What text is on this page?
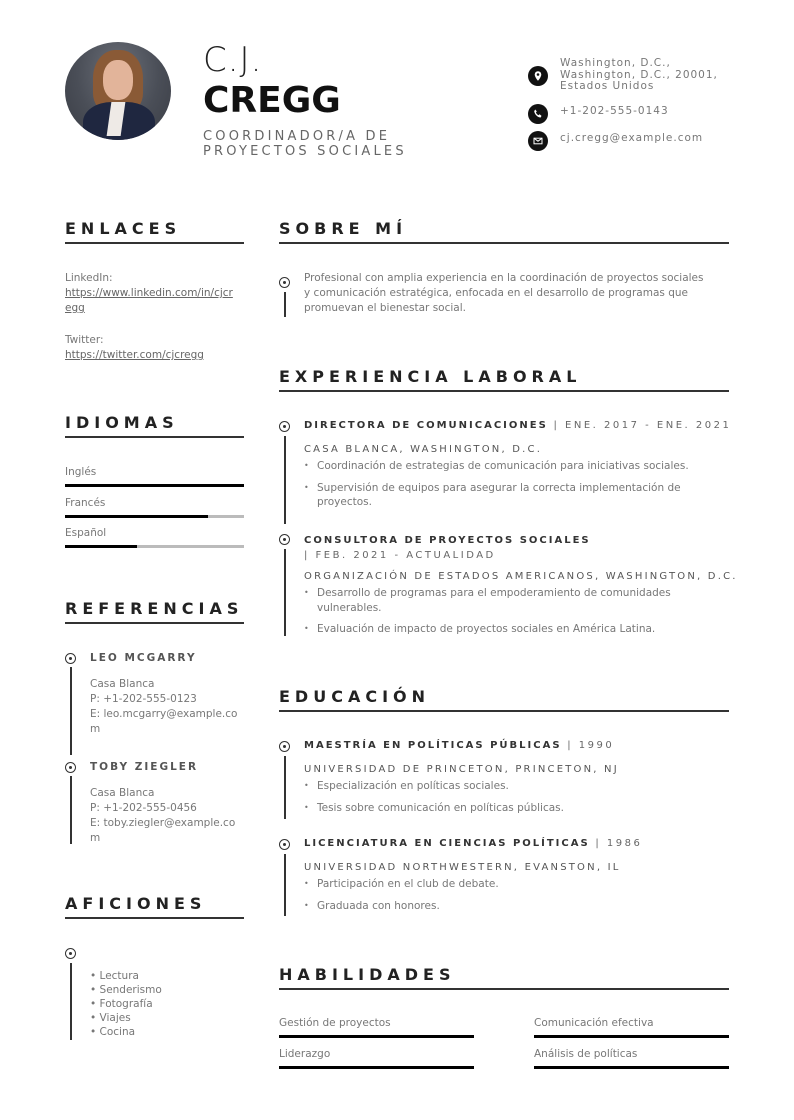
C.J.
CREGG
COORDINADOR/A DE
PROYECTOS SOCIALES
Washington, D.C.,
Washington, D.C., 20001,
Estados Unidos
+1-202-555-0143
cj.cregg@example.com
ENLACES
LinkedIn:
https://www.linkedin.com/in/cjcr
egg
Twitter:
https://twitter.com/cjcregg
IDIOMAS
Inglés
Francés
Español
REFERENCIAS
LEO MCGARRY
Casa Blanca
P: +1-202-555-0123
E: leo.mcgarry@example.co
m
TOBY ZIEGLER
Casa Blanca
P: +1-202-555-0456
E: toby.ziegler@example.co
m
AFICIONES
• Lectura
• Senderismo
• Fotografía
• Viajes
• Cocina
SOBRE MÍ
Profesional con amplia experiencia en la coordinación de proyectos sociales
y comunicación estratégica, enfocada en el desarrollo de programas que
promuevan el bienestar social.
EXPERIENCIA LABORAL
DIRECTORA DE COMUNICACIONES | ENE. 2017 - ENE. 2021
CASA BLANCA, WASHINGTON, D.C.
• Coordinación de estrategias de comunicación para iniciativas sociales.
• Supervisión de equipos para asegurar la correcta implementación de proyectos.
CONSULTORA DE PROYECTOS SOCIALES
| FEB. 2021 - ACTUALIDAD
ORGANIZACIÓN DE ESTADOS AMERICANOS, WASHINGTON, D.C.
• Desarrollo de programas para el empoderamiento de comunidades vulnerables.
• Evaluación de impacto de proyectos sociales en América Latina.
EDUCACIÓN
MAESTRÍA EN POLÍTICAS PÚBLICAS | 1990
UNIVERSIDAD DE PRINCETON, PRINCETON, NJ
• Especialización en políticas sociales.
• Tesis sobre comunicación en políticas públicas.
LICENCIATURA EN CIENCIAS POLÍTICAS | 1986
UNIVERSIDAD NORTHWESTERN, EVANSTON, IL
• Participación en el club de debate.
• Graduada con honores.
HABILIDADES
Gestión de proyectos	Comunicación efectiva
Liderazgo	Análisis de políticas
